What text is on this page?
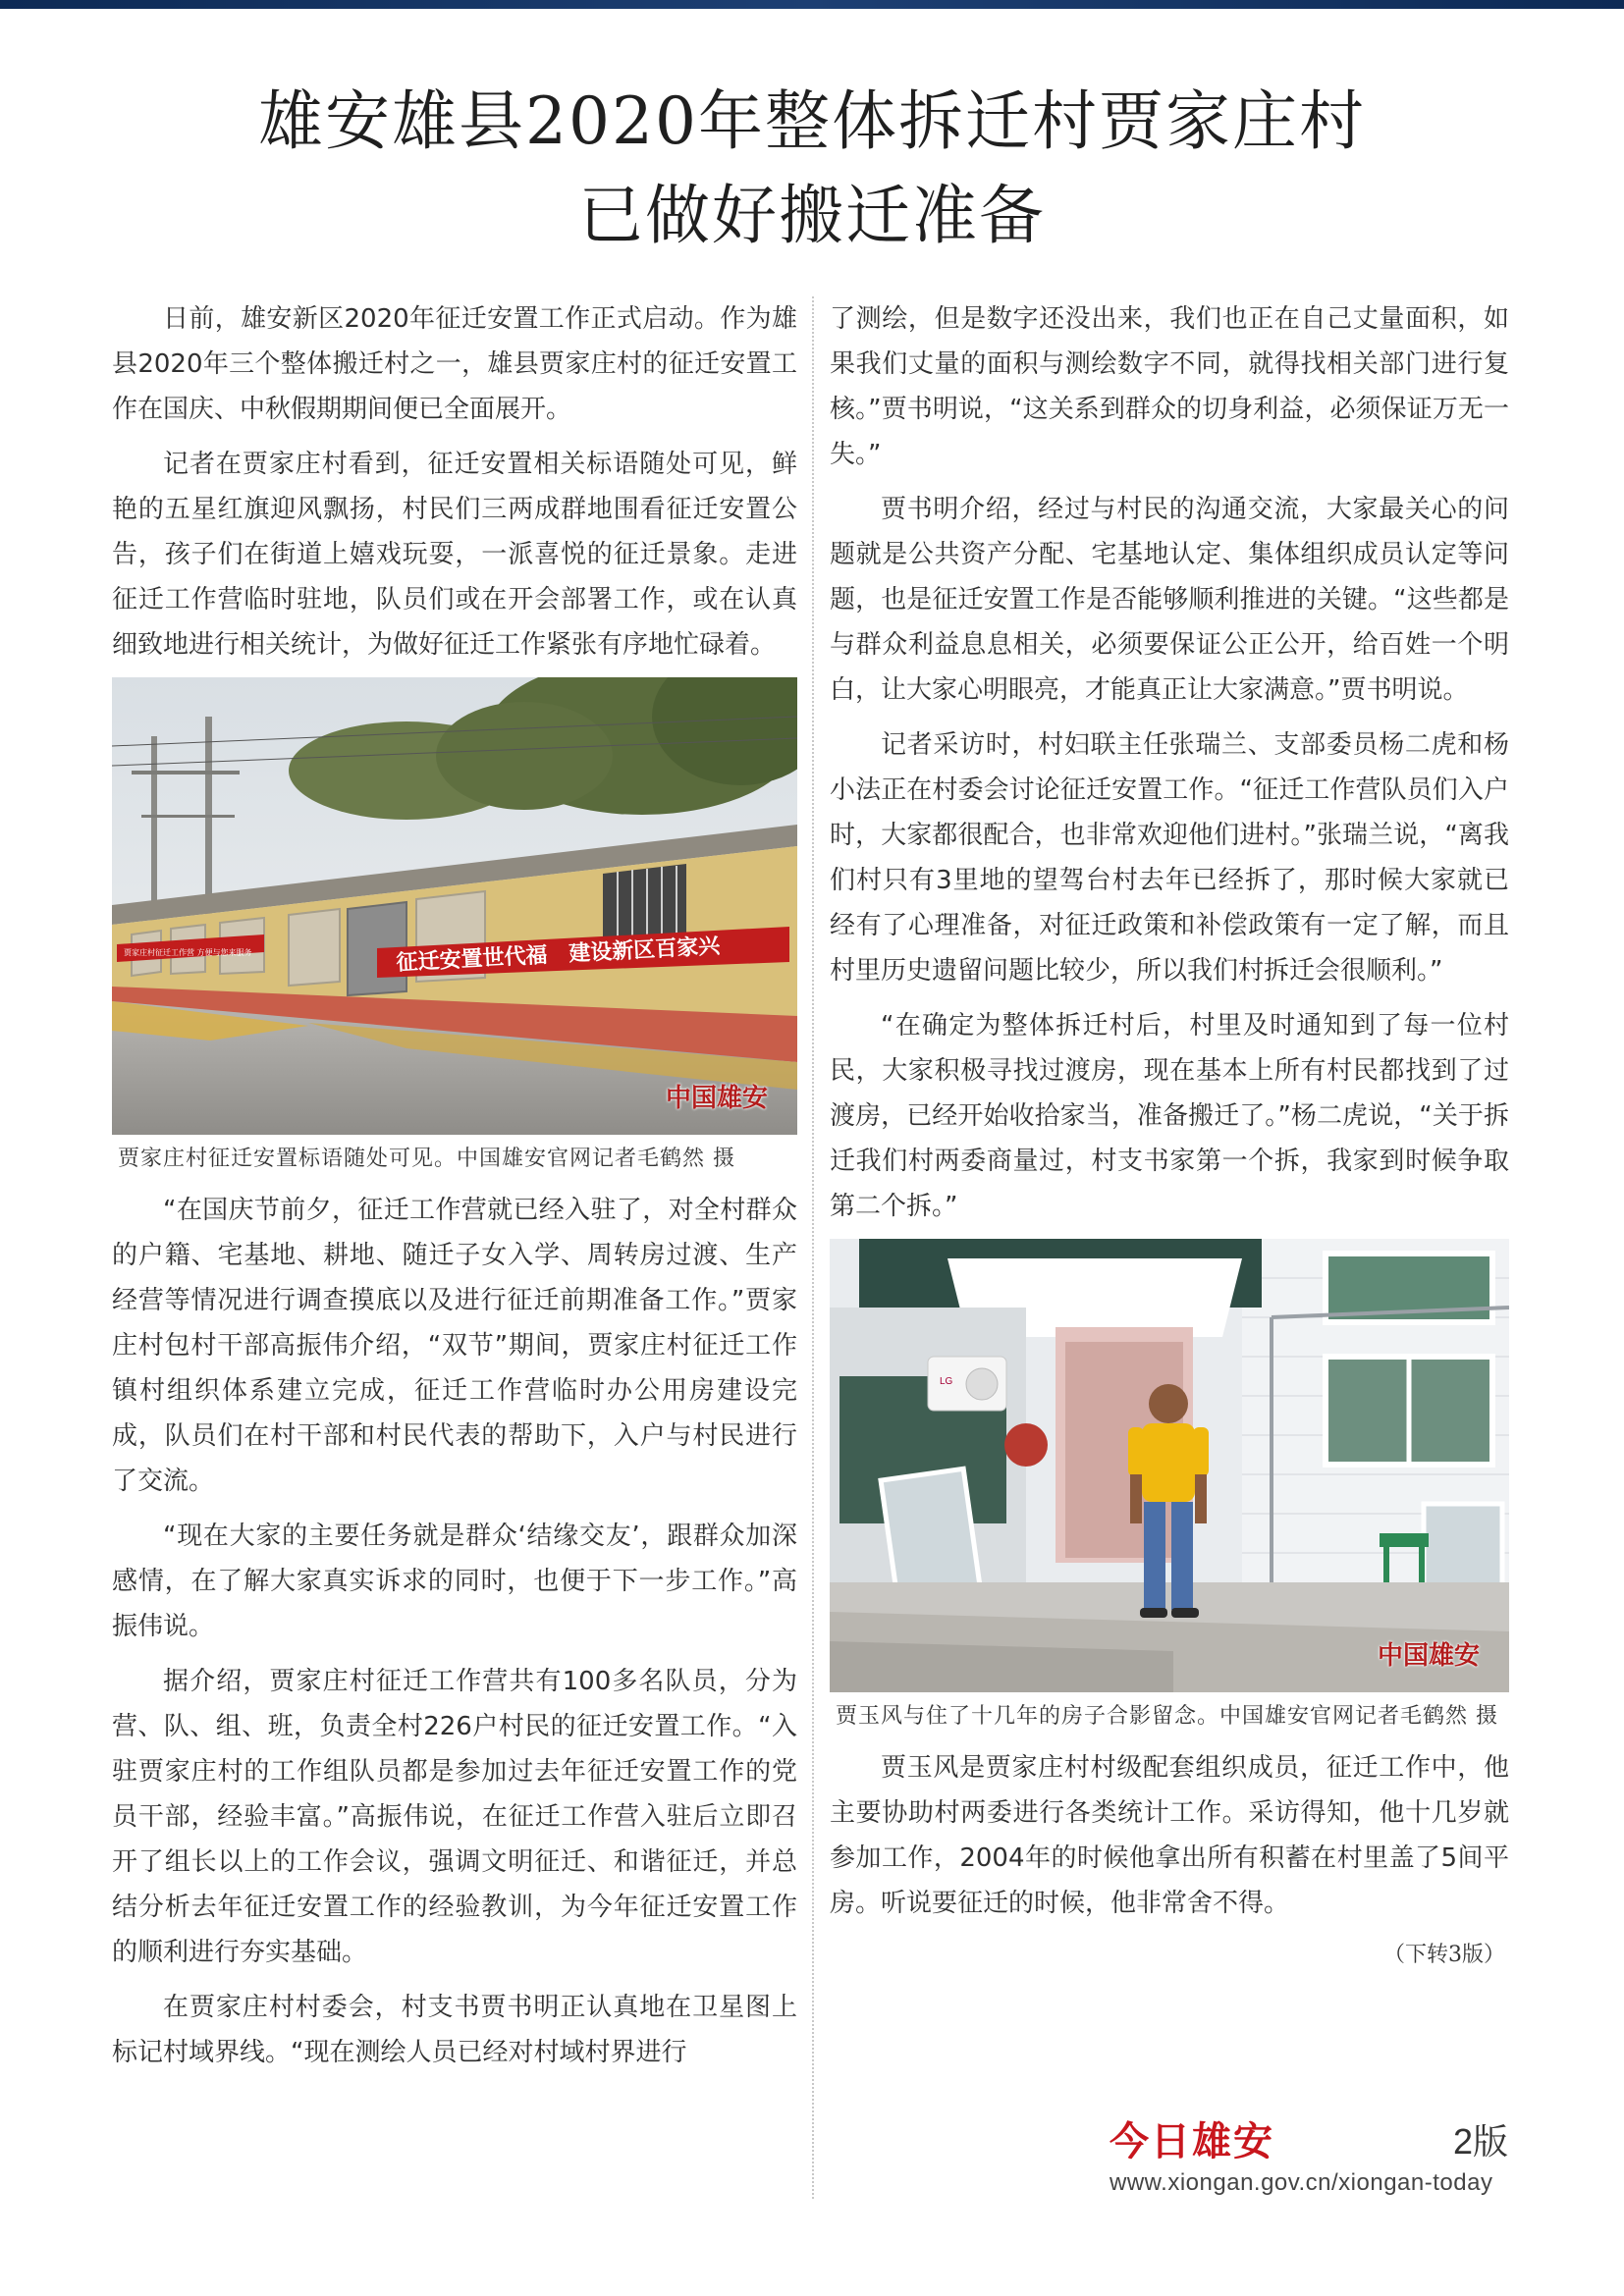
雄安雄县2020年整体拆迁村贾家庄村
已做好搬迁准备

日前，雄安新区2020年征迁安置工作正式启动。作为雄县2020年三个整体搬迁村之一，雄县贾家庄村的征迁安置工作在国庆、中秋假期期间便已全面展开。

记者在贾家庄村看到，征迁安置相关标语随处可见，鲜艳的五星红旗迎风飘扬，村民们三两成群地围看征迁安置公告，孩子们在街道上嬉戏玩耍，一派喜悦的征迁景象。走进征迁工作营临时驻地，队员们或在开会部署工作，或在认真细致地进行相关统计，为做好征迁工作紧张有序地忙碌着。

贾家庄村征迁工作营 方便与您来服务	征迁安置世代福　建设新区百家兴
中国雄安
贾家庄村征迁安置标语随处可见。中国雄安官网记者毛鹤然 摄

“在国庆节前夕，征迁工作营就已经入驻了，对全村群众的户籍、宅基地、耕地、随迁子女入学、周转房过渡、生产经营等情况进行调查摸底以及进行征迁前期准备工作。”贾家庄村包村干部高振伟介绍，“双节”期间，贾家庄村征迁工作镇村组织体系建立完成，征迁工作营临时办公用房建设完成，队员们在村干部和村民代表的帮助下，入户与村民进行了交流。

“现在大家的主要任务就是群众‘结缘交友’，跟群众加深感情，在了解大家真实诉求的同时，也便于下一步工作。”高振伟说。

据介绍，贾家庄村征迁工作营共有100多名队员，分为营、队、组、班，负责全村226户村民的征迁安置工作。“入驻贾家庄村的工作组队员都是参加过去年征迁安置工作的党员干部，经验丰富。”高振伟说，在征迁工作营入驻后立即召开了组长以上的工作会议，强调文明征迁、和谐征迁，并总结分析去年征迁安置工作的经验教训，为今年征迁安置工作的顺利进行夯实基础。

在贾家庄村村委会，村支书贾书明正认真地在卫星图上标记村域界线。“现在测绘人员已经对村域村界进行

了测绘，但是数字还没出来，我们也正在自己丈量面积，如果我们丈量的面积与测绘数字不同，就得找相关部门进行复核。”贾书明说，“这关系到群众的切身利益，必须保证万无一失。”

贾书明介绍，经过与村民的沟通交流，大家最关心的问题就是公共资产分配、宅基地认定、集体组织成员认定等问题，也是征迁安置工作是否能够顺利推进的关键。“这些都是与群众利益息息相关，必须要保证公正公开，给百姓一个明白，让大家心明眼亮，才能真正让大家满意。”贾书明说。

记者采访时，村妇联主任张瑞兰、支部委员杨二虎和杨小法正在村委会讨论征迁安置工作。“征迁工作营队员们入户时，大家都很配合，也非常欢迎他们进村。”张瑞兰说，“离我们村只有3里地的望驾台村去年已经拆了，那时候大家就已经有了心理准备，对征迁政策和补偿政策有一定了解，而且村里历史遗留问题比较少，所以我们村拆迁会很顺利。”

“在确定为整体拆迁村后，村里及时通知到了每一位村民，大家积极寻找过渡房，现在基本上所有村民都找到了过渡房，已经开始收拾家当，准备搬迁了。”杨二虎说，“关于拆迁我们村两委商量过，村支书家第一个拆，我家到时候争取第二个拆。”

LG
中国雄安
贾玉风与住了十几年的房子合影留念。中国雄安官网记者毛鹤然 摄

贾玉风是贾家庄村村级配套组织成员，征迁工作中，他主要协助村两委进行各类统计工作。采访得知，他十几岁就参加工作，2004年的时候他拿出所有积蓄在村里盖了5间平房。听说要征迁的时候，他非常舍不得。

（下转3版）
今日雄安	2版
www.xiongan.gov.cn/xiongan-today
